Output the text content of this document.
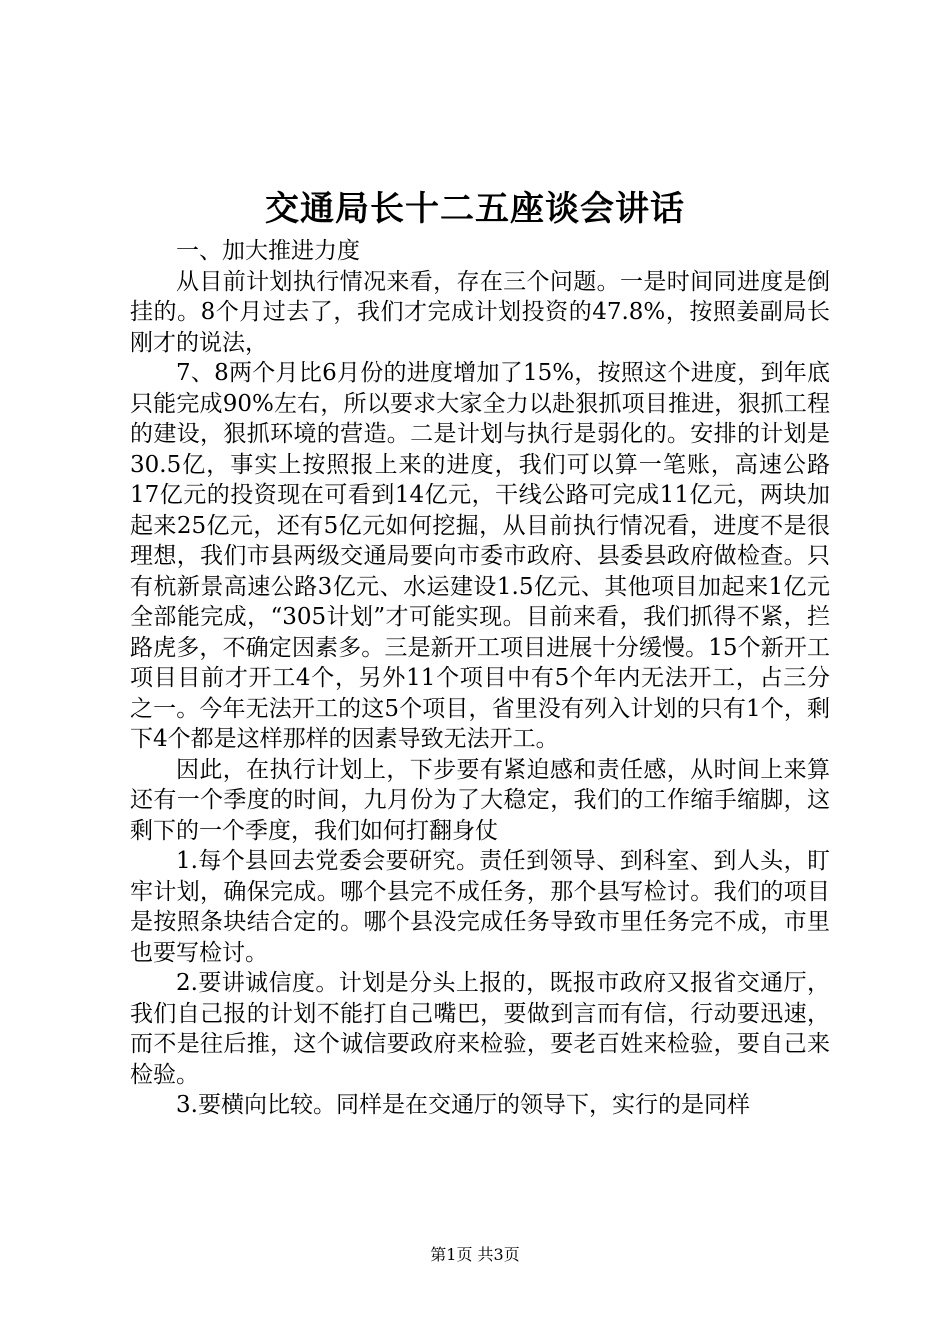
交通局长十二五座谈会讲话

一、加大推进力度

从目前计划执行情况来看，存在三个问题。一是时间同进度是倒挂的。8个月过去了，我们才完成计划投资的47.8%，按照姜副局长刚才的说法，

7、8两个月比6月份的进度增加了15%，按照这个进度，到年底只能完成90%左右，所以要求大家全力以赴狠抓项目推进，狠抓工程的建设，狠抓环境的营造。二是计划与执行是弱化的。安排的计划是30.5亿，事实上按照报上来的进度，我们可以算一笔账，高速公路17亿元的投资现在可看到14亿元，干线公路可完成11亿元，两块加起来25亿元，还有5亿元如何挖掘，从目前执行情况看，进度不是很理想，我们市县两级交通局要向市委市政府、县委县政府做检查。只有杭新景高速公路3亿元、水运建设1.5亿元、其他项目加起来1亿元全部能完成，“305计划”才可能实现。目前来看，我们抓得不紧，拦路虎多，不确定因素多。三是新开工项目进展十分缓慢。15个新开工项目目前才开工4个，另外11个项目中有5个年内无法开工，占三分之一。今年无法开工的这5个项目，省里没有列入计划的只有1个，剩下4个都是这样那样的因素导致无法开工。

因此，在执行计划上，下步要有紧迫感和责任感，从时间上来算还有一个季度的时间，九月份为了大稳定，我们的工作缩手缩脚，这剩下的一个季度，我们如何打翻身仗

1.每个县回去党委会要研究。责任到领导、到科室、到人头，盯牢计划，确保完成。哪个县完不成任务，那个县写检讨。我们的项目是按照条块结合定的。哪个县没完成任务导致市里任务完不成，市里也要写检讨。

2.要讲诚信度。计划是分头上报的，既报市政府又报省交通厅，我们自己报的计划不能打自己嘴巴，要做到言而有信，行动要迅速，而不是往后推，这个诚信要政府来检验，要老百姓来检验，要自己来检验。

3.要横向比较。同样是在交通厅的领导下，实行的是同样

第1页 共3页
